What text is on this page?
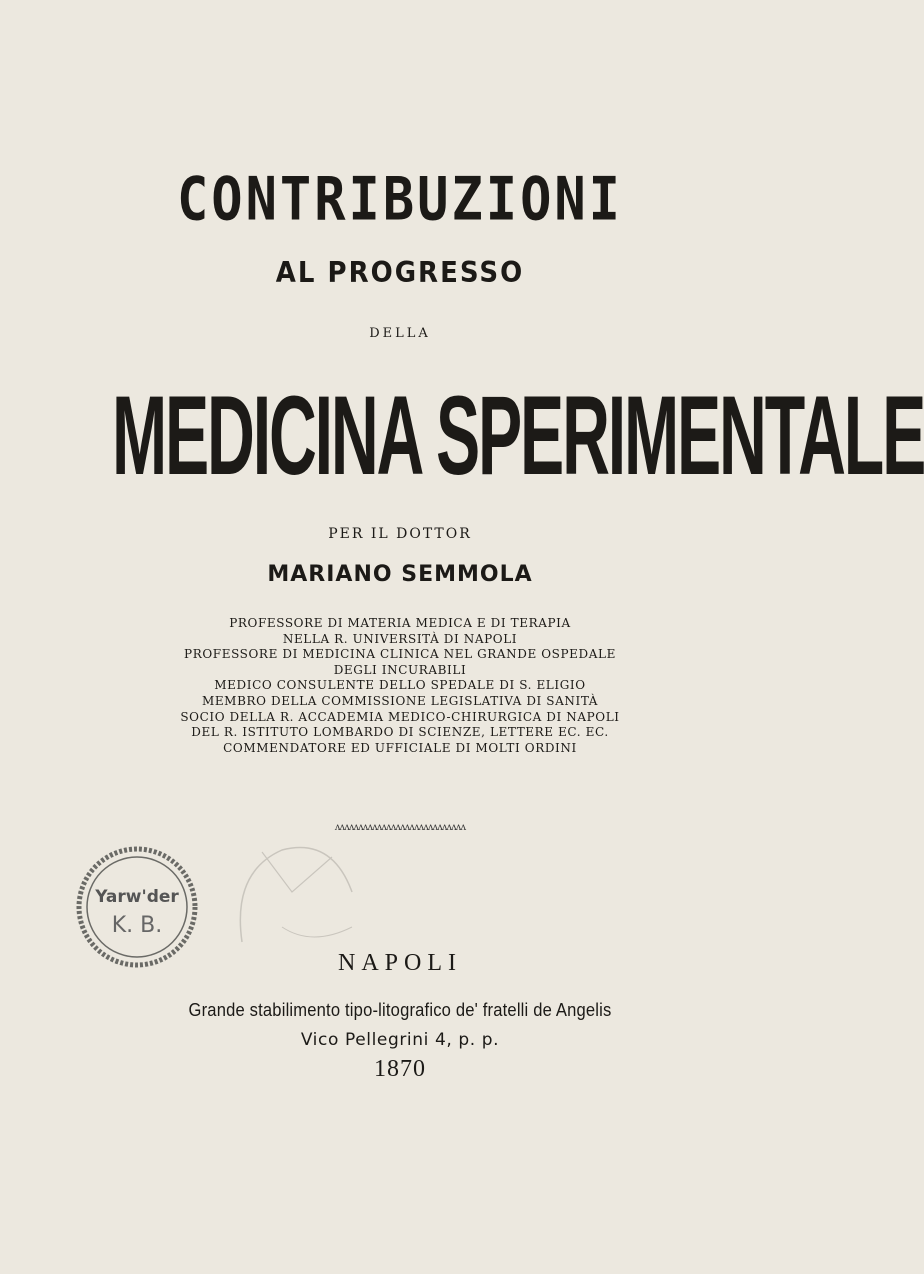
CONTRIBUZIONI
AL PROGRESSO
DELLA
MEDICINA SPERIMENTALE
PER IL DOTTOR
MARIANO SEMMOLA
PROFESSORE DI MATERIA MEDICA E DI TERAPIA
NELLA R. UNIVERSITÀ DI NAPOLI
PROFESSORE DI MEDICINA CLINICA NEL GRANDE OSPEDALE
DEGLI INCURABILI
MEDICO CONSULENTE DELLO SPEDALE DI S. ELIGIO
MEMBRO DELLA COMMISSIONE LEGISLATIVA DI SANITÀ
SOCIO DELLA R. ACCADEMIA MEDICO-CHIRURGICA DI NAPOLI
DEL R. ISTITUTO LOMBARDO DI SCIENZE, LETTERE EC. EC.
COMMENDATORE ED UFFICIALE DI MOLTI ORDINI
ᴧᴧᴧᴧᴧᴧᴧᴧᴧᴧᴧᴧᴧᴧᴧᴧᴧᴧᴧᴧᴧᴧᴧᴧᴧᴧᴧᴧ
Yarw'der
K. B.
NAPOLI
Grande stabilimento tipo-litografico de' fratelli de Angelis
Vico Pellegrini 4, p. p.
1870
